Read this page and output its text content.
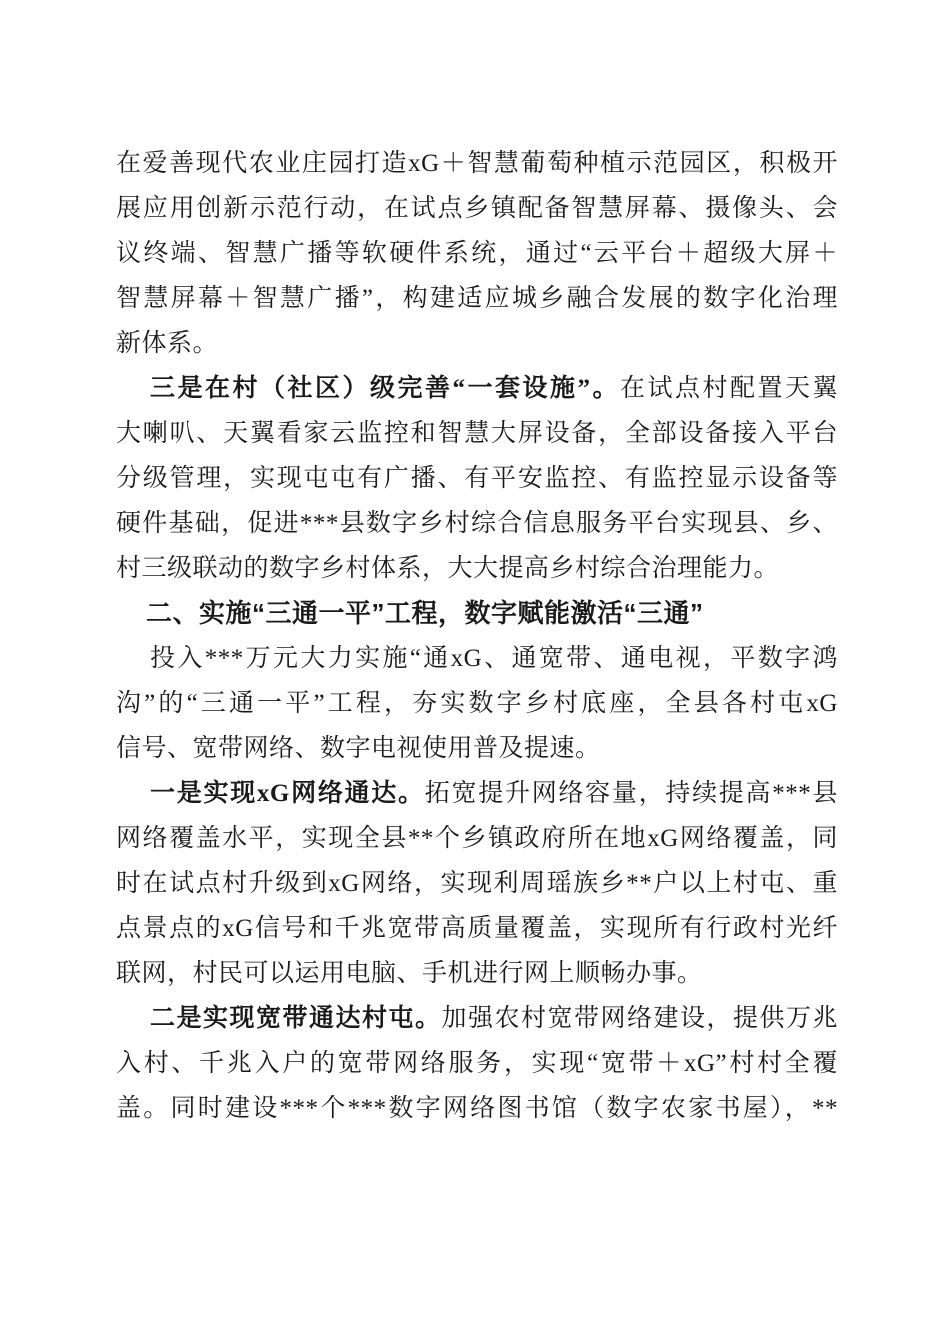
在爱善现代农业庄园打造xG＋智慧葡萄种植示范园区，积极开
展应用创新示范行动，在试点乡镇配备智慧屏幕、摄像头、会
议终端、智慧广播等软硬件系统，通过“云平台＋超级大屏＋
智慧屏幕＋智慧广播”，构建适应城乡融合发展的数字化治理
新体系。
三是在村（社区）级完善“一套设施”。在试点村配置天翼
大喇叭、天翼看家云监控和智慧大屏设备，全部设备接入平台
分级管理，实现屯屯有广播、有平安监控、有监控显示设备等
硬件基础，促进***县数字乡村综合信息服务平台实现县、乡、
村三级联动的数字乡村体系，大大提高乡村综合治理能力。
二、实施“三通一平”工程，数字赋能激活“三通”
投入***万元大力实施“通xG、通宽带、通电视，平数字鸿
沟”的“三通一平”工程，夯实数字乡村底座，全县各村屯xG
信号、宽带网络、数字电视使用普及提速。
一是实现xG网络通达。拓宽提升网络容量，持续提高***县
网络覆盖水平，实现全县**个乡镇政府所在地xG网络覆盖，同
时在试点村升级到xG网络，实现利周瑶族乡**户以上村屯、重
点景点的xG信号和千兆宽带高质量覆盖，实现所有行政村光纤
联网，村民可以运用电脑、手机进行网上顺畅办事。
二是实现宽带通达村屯。加强农村宽带网络建设，提供万兆
入村、千兆入户的宽带网络服务，实现“宽带＋xG”村村全覆
盖。同时建设***个***数字网络图书馆（数字农家书屋），**
